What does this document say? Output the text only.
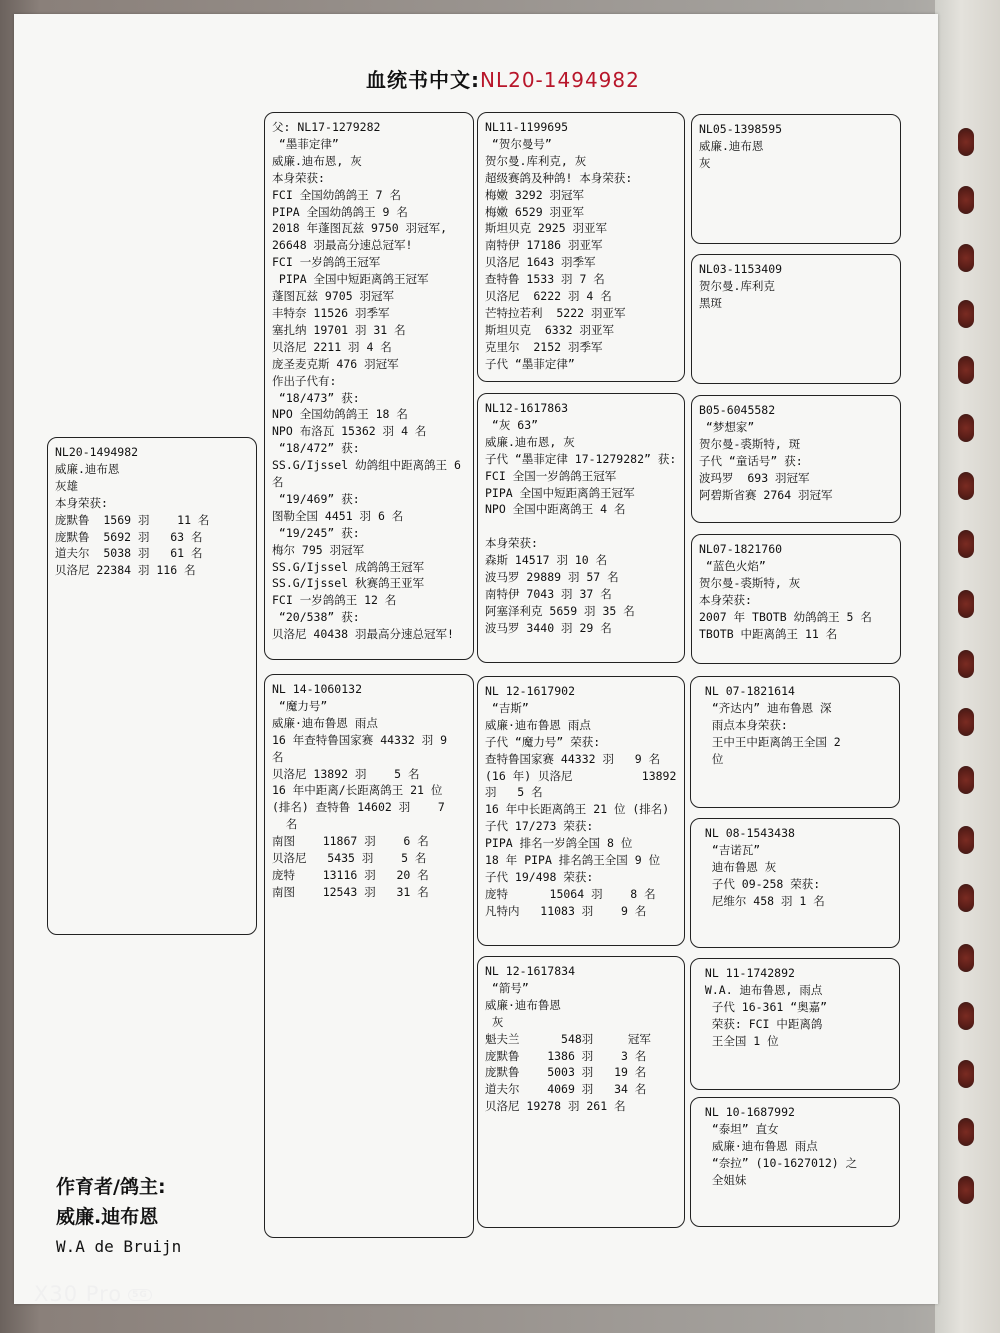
血统书中文:NL20-1494982
NL20-1494982
威廉.迪布恩
灰雄
本身荣获:
庞默鲁  1569 羽    11 名
庞默鲁  5692 羽   63 名
道夫尔  5038 羽   61 名
贝洛尼 22384 羽 116 名
父: NL17-1279282
“墨菲定律”
威廉.迪布恩, 灰
本身荣获:
FCI 全国幼鸽鸽王 7 名
PIPA 全国幼鸽鸽王 9 名
2018 年蓬图瓦兹 9750 羽冠军,
26648 羽最高分速总冠军!
FCI 一岁鸽鸽王冠军
PIPA 全国中短距离鸽王冠军
蓬图瓦兹 9705 羽冠军
丰特奈 11526 羽季军
塞扎纳 19701 羽 31 名
贝洛尼 2211 羽 4 名
庞圣麦克斯 476 羽冠军
作出子代有:
“18/473” 获:
NPO 全国幼鸽鸽王 18 名
NPO 布洛瓦 15362 羽 4 名
“18/472” 获:
SS.G/Ijssel 幼鸽组中距离鸽王 6
名
“19/469” 获:
图勒全国 4451 羽 6 名
“19/245” 获:
梅尔 795 羽冠军
SS.G/Ijssel 成鸽鸽王冠军
SS.G/Ijssel 秋赛鸽王亚军
FCI 一岁鸽鸽王 12 名
“20/538” 获:
贝洛尼 40438 羽最高分速总冠军!
NL 14-1060132
“魔力号”
威廉·迪布鲁恩 雨点
16 年查特鲁国家赛 44332 羽 9
名
贝洛尼 13892 羽    5 名
16 年中距离/长距离鸽王 21 位
(排名) 查特鲁 14602 羽    7
名
南图    11867 羽    6 名
贝洛尼   5435 羽    5 名
庞特    13116 羽   20 名
南图    12543 羽   31 名
NL11-1199695
“贺尔曼号”
贺尔曼.库利克, 灰
超级赛鸽及种鸽! 本身荣获:
梅嫩 3292 羽冠军
梅嫩 6529 羽亚军
斯坦贝克 2925 羽亚军
南特伊 17186 羽亚军
贝洛尼 1643 羽季军
查特鲁 1533 羽 7 名
贝洛尼  6222 羽 4 名
芒特拉若利  5222 羽亚军
斯坦贝克  6332 羽亚军
克里尔  2152 羽季军
子代 “墨菲定律”
NL12-1617863
“灰 63”
威廉.迪布恩, 灰
子代 “墨菲定律 17-1279282” 获:
FCI 全国一岁鸽鸽王冠军
PIPA 全国中短距离鸽王冠军
NPO 全国中距离鸽王 4 名

本身荣获:
森斯 14517 羽 10 名
波马罗 29889 羽 57 名
南特伊 7043 羽 37 名
阿塞泽利克 5659 羽 35 名
波马罗 3440 羽 29 名
NL 12-1617902
“吉斯”
威廉·迪布鲁恩 雨点
子代 “魔力号” 荣获:
查特鲁国家赛 44332 羽   9 名
(16 年) 贝洛尼          13892
羽   5 名
16 年中长距离鸽王 21 位 (排名)
子代 17/273 荣获:
PIPA 排名一岁鸽全国 8 位
18 年 PIPA 排名鸽王全国 9 位
子代 19/498 荣获:
庞特      15064 羽    8 名
凡特内   11083 羽    9 名
NL 12-1617834
“箭号”
威廉·迪布鲁恩
灰
魁夫兰      548羽     冠军
庞默鲁    1386 羽    3 名
庞默鲁    5003 羽   19 名
道夫尔    4069 羽   34 名
贝洛尼 19278 羽 261 名
NL05-1398595
威廉.迪布恩
灰
NL03-1153409
贺尔曼.库利克
黑斑
B05-6045582
“梦想家”
贺尔曼-裘斯特, 斑
子代 “童话号” 获:
波玛罗  693 羽冠军
阿碧斯省赛 2764 羽冠军
NL07-1821760
“蓝色火焰”
贺尔曼-裘斯特, 灰
本身荣获:
2007 年 TBOTB 幼鸽鸽王 5 名
TBOTB 中距离鸽王 11 名
NL 07-1821614
“齐达内” 迪布鲁恩 深
雨点本身荣获:
王中王中距离鸽王全国 2
位
NL 08-1543438
“吉诺瓦”
迪布鲁恩 灰
子代 09-258 荣获:
尼维尔 458 羽 1 名
NL 11-1742892
W.A. 迪布鲁恩, 雨点
子代 16-361 “奥嘉”
荣获: FCI 中距离鸽
王全国 1 位
NL 10-1687992
“泰坦” 直女
威廉·迪布鲁恩 雨点
“奈拉” (10-1627012) 之
全姐妹
作育者/鸽主:
威廉.迪布恩
W.A de Bruijn
X30 Pro 5G
